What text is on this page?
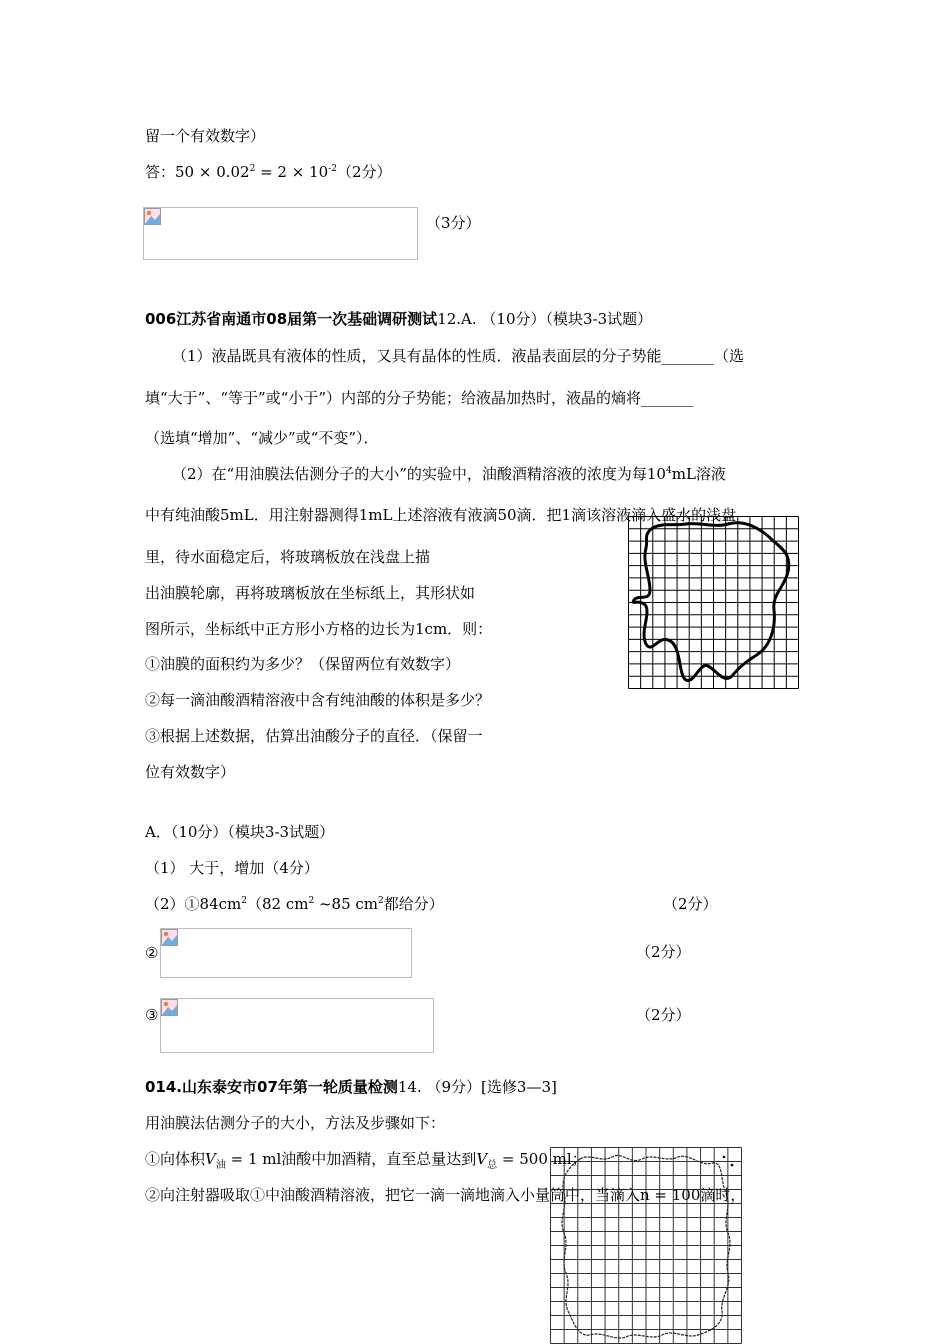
留一个有效数字）
答：$50 \times 0.02^2 = 2 \times 10^{-2}(2$分）
（3分）
006江苏省南通市08届第一次基础调研测试12.A. （10分）（模块3-3试题）
（1）液晶既具有液体的性质，又具有晶体的性质．液晶表面层的分子势能_______（选
填“大于”、“等于”或“小于”）内部的分子势能；给液晶加热时，液晶的熵将_______
（选填“增加”、“减少”或“不变”）．
（2）在“用油膜法估测分子的大小”的实验中，油酸酒精溶液的浓度为每$10^4mL$溶液
中有纯油酸5mL．用注射器测得1mL上述溶液有液滴50滴．把1滴该溶液滴入盛水的浅盘
里，待水面稳定后，将玻璃板放在浅盘上描
出油膜轮廓，再将玻璃板放在坐标纸上，其形状如
图所示，坐标纸中正方形小方格的边长为1cm．则：
①油膜的面积约为多少？（保留两位有效数字）
②每一滴油酸酒精溶液中含有纯油酸的体积是多少？
③根据上述数据，估算出油酸分子的直径．（保留一
位有效数字）
A．（10分）（模块3-3试题）
（1） 大于，增加（4分）
$(2)①84cm^2(82$ $cm^2$ ~85 $cm^2$都给分）	（2分）
②	（2分）
③	（2分）
014.山东泰安市07年第一轮质量检测14. （9分）[选修3—3]
用油膜法估测分子的大小，方法及步骤如下：
①向体积$V_油 = 1$ ml油酸中加酒精，直至总量达到$V_总 = 500$ ml；
②向注射器吸取①中油酸酒精溶液，把它一滴一滴地滴入小量筒中，当滴入n = 100滴时，
